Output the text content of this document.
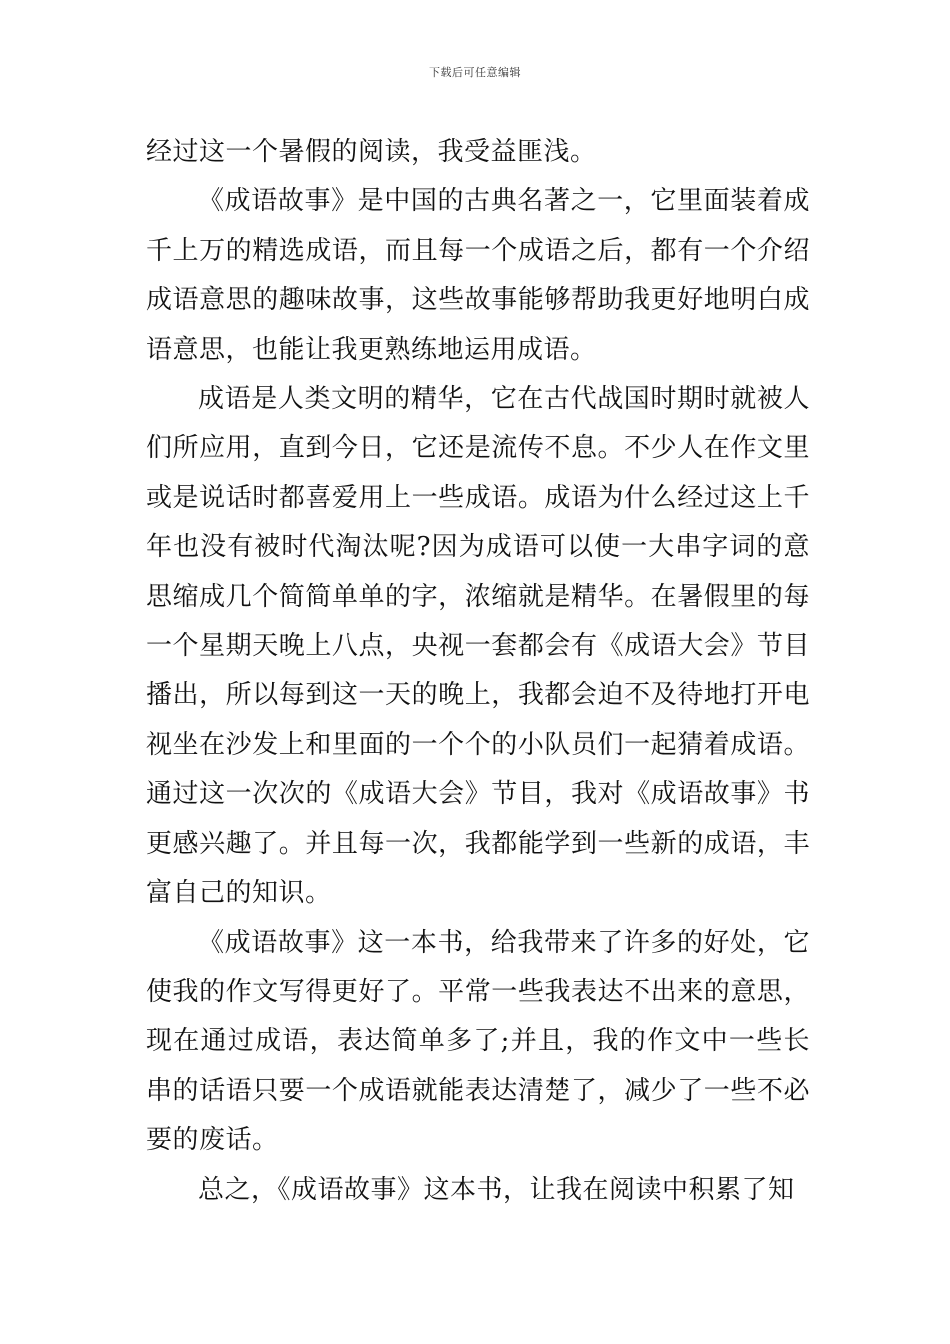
下载后可任意编辑

经过这一个暑假的阅读，我受益匪浅。

《成语故事》是中国的古典名著之一，它里面装着成千上万的精选成语，而且每一个成语之后，都有一个介绍成语意思的趣味故事，这些故事能够帮助我更好地明白成语意思，也能让我更熟练地运用成语。

成语是人类文明的精华，它在古代战国时期时就被人们所应用，直到今日，它还是流传不息。不少人在作文里或是说话时都喜爱用上一些成语。成语为什么经过这上千年也没有被时代淘汰呢?因为成语可以使一大串字词的意思缩成几个简简单单的字，浓缩就是精华。在暑假里的每一个星期天晚上八点，央视一套都会有《成语大会》节目播出，所以每到这一天的晚上，我都会迫不及待地打开电视坐在沙发上和里面的一个个的小队员们一起猜着成语。通过这一次次的《成语大会》节目，我对《成语故事》书更感兴趣了。并且每一次，我都能学到一些新的成语，丰富自己的知识。

《成语故事》这一本书，给我带来了许多的好处，它使我的作文写得更好了。平常一些我表达不出来的意思，现在通过成语，表达简单多了;并且，我的作文中一些长串的话语只要一个成语就能表达清楚了，减少了一些不必要的废话。

总之，《成语故事》这本书，让我在阅读中积累了知
